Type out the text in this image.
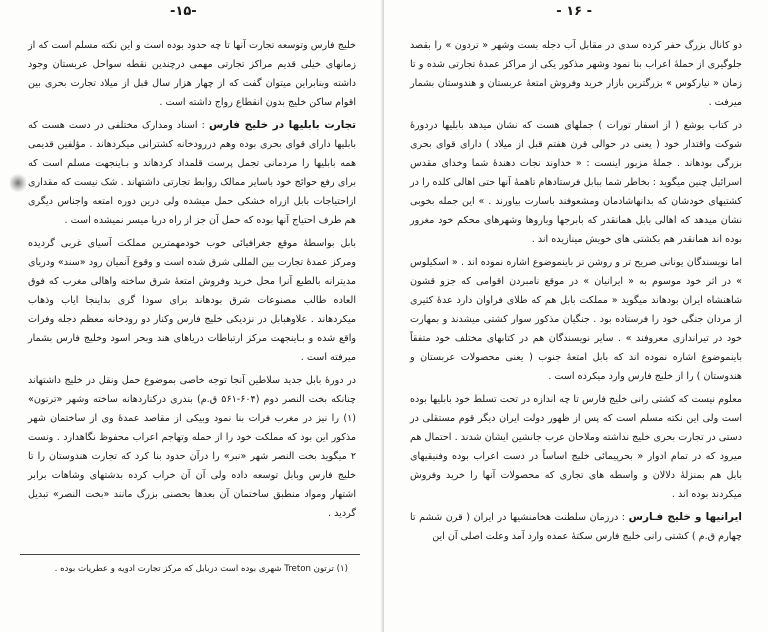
-۱۵-

خلیج فارس وتوسعه تجارت آنها تا چه حدود بوده است و این نکته مسلم است که از زمانهای خیلی قدیم مراکز تجارتی مهمی درچندین نقطه سواحل عربستان وجود داشته وبنابراین میتوان گفت که از چهار هزار سال قبل از میلاد تجارت بحری بین اقوام ساکن خلیج بدون انقطاع رواج داشته است .

تجارت بابلیها در خلیج فارس : اسناد ومدارک مختلفی در دست هست که بابلیها دارای قوای بحری بوده وهم دررودخانه کشترانی میکردهاند . مؤلفین قدیمی همه بابلیها را مردمانی تجمل پرست قلمداد کردهاند و بـاینجهت مسلم است که برای رفع حوائج خود باسایر ممالک روابط تجارتی داشتهاند . شک نیست که مقداری ازاحتیاجات بابل ازراه خشکی حمل میشده ولی درین دوره امتعه واجناس دیگری هم طرف احتیاج آنها بوده که حمل آن جز از راه دریا میسر نمیشده است .

بابل بواسطهٔ موقع جغرافیائی خوب خودمهمترین مملکت آسیای غربی گردیده ومرکز عمدهٔ تجارت بین المللی شرق شده است و وقوع آنمیان رود «سند» ودریای مدیترانه بالطبع آنرا محل خرید وفروش امتعهٔ شرق ساخته واهالی مغرب که فوق العاده طالب مصنوعات شرق بودهاند برای سودا گری بداینجا ایاب وذهاب میکردهاند . علاوهبابل در نزدیکی خلیج فارس وکنار دو رودخانه معظم دجله وفرات واقع شده و بـاینجهت مرکز ارتباطات دریاهای هند وبحر اسود وخلیج فارس بشمار میرفته است .

در دورهٔ بابل جدید سلاطین آنجا توجه خاصی بموضوع حمل ونقل در خلیج داشتهاند چنانکه بخت النصر دوم (۶۰۴-۵۶۱ ق.م) بندری درکناردهانه ساخته وشهر «ترتون» (۱) را نیز در مغرب فرات بنا نمود وبیکی از مقاصد عمدهٔ وی از ساختمان شهر مذکور این بود که مملکت خود را از حمله وتهاجم اعراب محفوظ نگاهدارد . ونست ۲ میگوید بخت النصر شهر «نبر» را درآن حدود بنا کرد که تجارت هندوستان را تا خلیج فارس وبابل توسعه داده ولی آن آن خراب کرده بدشتهای وشاهات برابر اشتهار ومواد منطبق ساختمان آن بعدها بحصنی بزرگ مانند «بخت النصر» تبدیل گردید .

(۱) ترتون Treton شهری بوده است دربابل که مرکز تجارت ادویه و عطریات بوده .
- ۱۶ -

دو کانال بزرگ حفر کرده سدی در مقابل آب دجله بست وشهر « تردون » را بقصد جلوگیری از حملهٔ اعراب بنا نمود وشهر مذکور یکی از مراکز عمدهٔ تجارتی شده و تا زمان « نیارکوس » بزرگترین بازار خرید وفروش امتعهٔ عربستان و هندوستان بشمار میرفت .

در کتاب یوشع ( از اسفار تورات ) جملهای هست که نشان میدهد بابلیها دردورهٔ شوکت واقتدار خود ( یعنی در حوالی قرن هفتم قبل از میلاد ) دارای قوای بحری بزرگی بودهاند . جملهٔ مزبور اینست : « خداوند نجات دهندهٔ شما وخدای مقدس اسرائیل چنین میگوید : بخاطر شما ببابل فرستادهام تاهمهٔ آنها حتی اهالی کلده را در کشتیهای خودشان که بدانهاشادمان ومشعوفند باسارت بیاورند . » این جمله بخوبی نشان میدهد که اهالی بابل همانقدر که بابرجها وباروها وشهرهای محکم خود مغرور بوده اند همانقدر هم بکشتی های خویش مینازیده اند .

اما نویسندگان یونانی صریح تر و روشن تر باینموضوع اشاره نموده اند . « اسکیلوس » در اثر خود موسوم به « ایرانیان » در موقع نامبردن اقوامی که جزو قشون شاهنشاه ایران بودهاند میگوید « مملکت بابل هم که طلای فراوان دارد عدهٔ کثیری از مردان جنگی خود را فرستاده بود . جنگیان مذکور سوار کشتی میشدند و بمهارت خود در تیراندازی معروفند » . سایر نویسندگان هم در کتابهای مختلف خود متفقاً باینموضوع اشاره نموده اند که بابل امتعهٔ جنوب ( یعنی محصولات عربستان و هندوستان ) را از خلیج فارس وارد میکرده است .

معلوم نیست که کشتی رانی خلیج فارس تا چه اندازه در تحت تسلط خود بابلیها بوده است ولی این نکته مسلم است که پس از ظهور دولت ایران دیگر قوم مستقلی در دستی در تجارت بحری خلیج نداشته وملاحان عرب جانشین ایشان شدند . احتمال هم میرود که در تمام ادوار « بحرپیمائی خلیج اساساً در دست اعراب بوده وفنیقیهای بابل هم بمنزلهٔ دلالان و واسطه های تجاری که محصولات آنها را خرید وفروش میکردند بوده اند .

ایرانیها و خلیج فـارس : درزمان سلطنت هخامنشیها در ایران ( قرن ششم تا چهارم ق.م ) کشتی رانی خلیج فارس سکتهٔ عمده وارد آمد وعلت اصلی آن این
